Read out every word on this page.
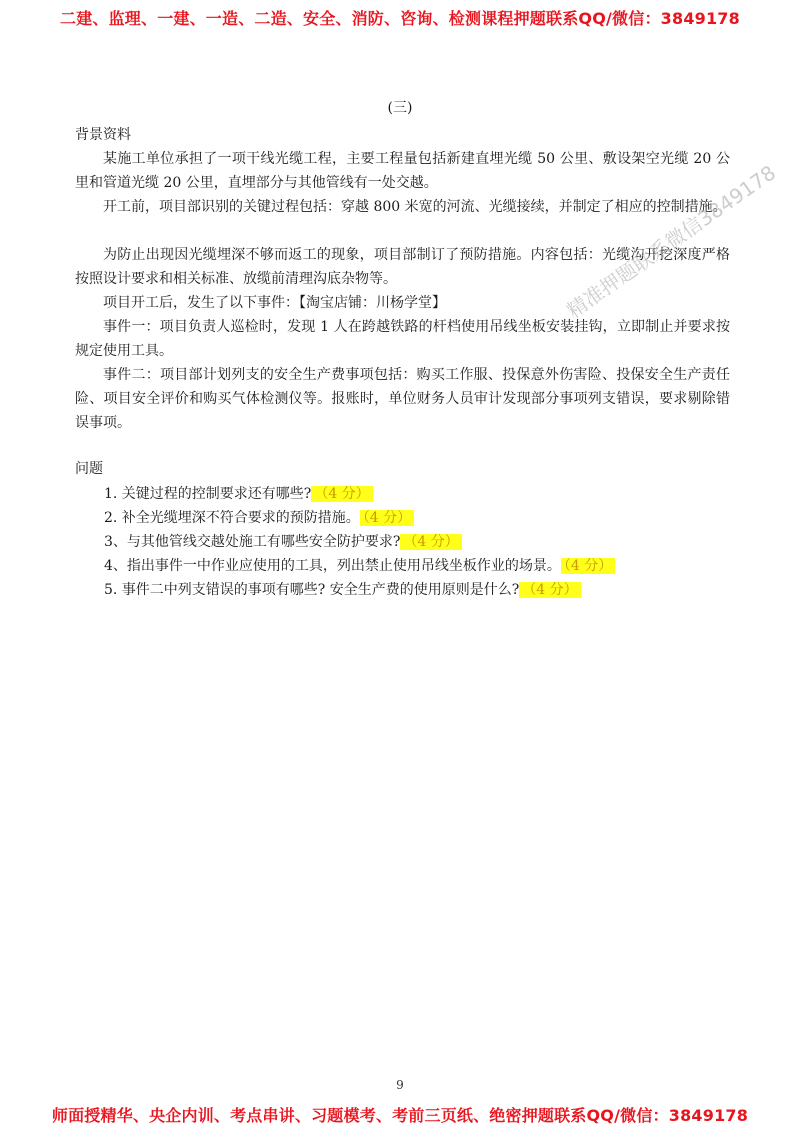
二建、监理、一建、一造、二造、安全、消防、咨询、检测课程押题联系QQ/微信：3849178
(三)
背景资料

某施工单位承担了一项干线光缆工程，主要工程量包括新建直埋光缆 50 公里、敷设架空光缆 20 公里和管道光缆 20 公里，直埋部分与其他管线有一处交越。

开工前，项目部识别的关键过程包括：穿越 800 米宽的河流、光缆接续，并制定了相应的控制措施。

为防止出现因光缆埋深不够而返工的现象，项目部制订了预防措施。内容包括：光缆沟开挖深度严格按照设计要求和相关标准、放缆前清理沟底杂物等。

项目开工后，发生了以下事件：【淘宝店铺：川杨学堂】

事件一：项目负责人巡检时，发现 1 人在跨越铁路的杆档使用吊线坐板安装挂钩，立即制止并要求按规定使用工具。

事件二：项目部计划列支的安全生产费事项包括：购买工作服、投保意外伤害险、投保安全生产责任险、项目安全评价和购买气体检测仪等。报账时，单位财务人员审计发现部分事项列支错误，要求剔除错误事项。

精准押题联系微信3849178
问题
1. 关键过程的控制要求还有哪些? （4 分）
2. 补全光缆埋深不符合要求的预防措施。 （4 分）
3、与其他管线交越处施工有哪些安全防护要求? （4 分）
4、指出事件一中作业应使用的工具，列出禁止使用吊线坐板作业的场景。 （4 分）
5. 事件二中列支错误的事项有哪些? 安全生产费的使用原则是什么? （4 分）
9
师面授精华、央企内训、考点串讲、习题模考、考前三页纸、绝密押题联系QQ/微信：3849178
